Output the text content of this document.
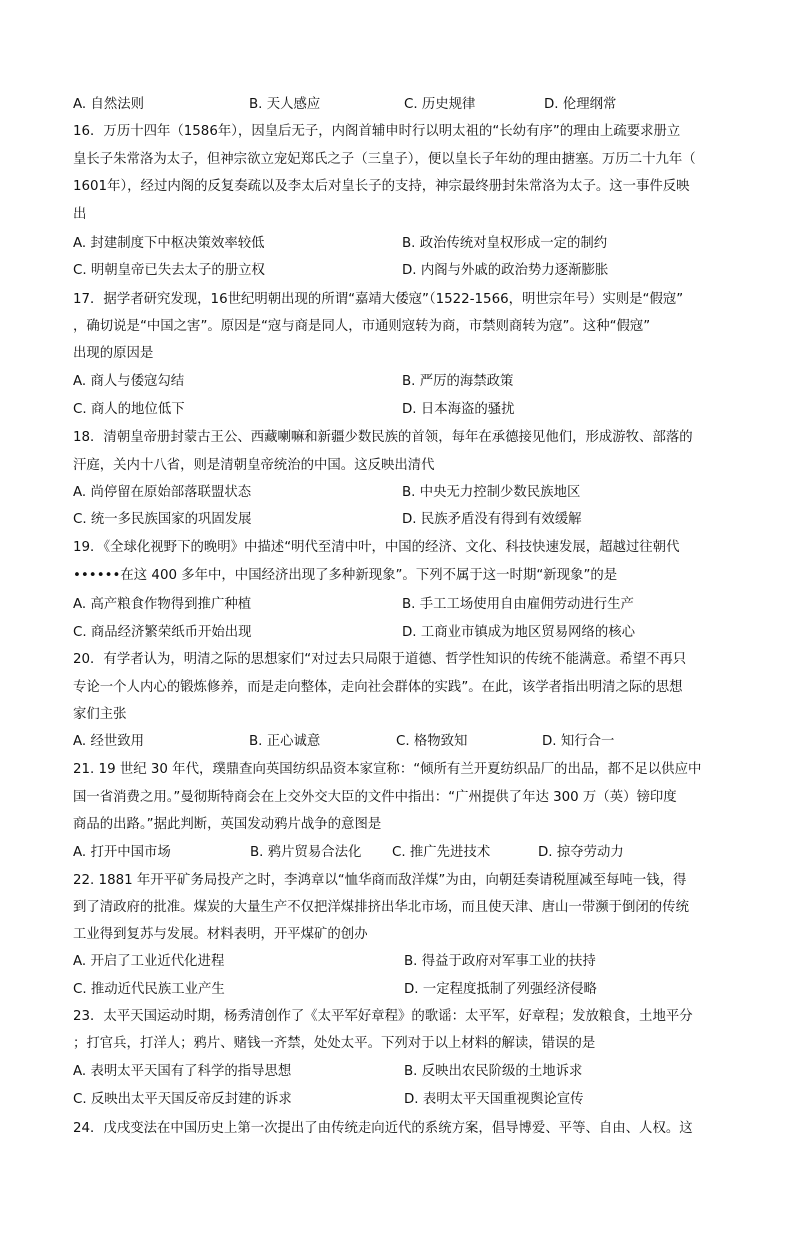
A. 自然法则	B. 天人感应	C. 历史规律	D. 伦理纲常
16．万历十四年（1586年），因皇后无子，内阁首辅申时行以明太祖的“长幼有序”的理由上疏要求册立
皇长子朱常洛为太子，但神宗欲立宠妃郑氏之子（三皇子），便以皇长子年幼的理由搪塞。万历二十九年（
1601年），经过内阁的反复奏疏以及李太后对皇长子的支持，神宗最终册封朱常洛为太子。这一事件反映
出
A. 封建制度下中枢决策效率较低	B. 政治传统对皇权形成一定的制约
C. 明朝皇帝已失去太子的册立权	D. 内阁与外戚的政治势力逐渐膨胀
17．据学者研究发现，16世纪明朝出现的所谓“嘉靖大倭寇”（1522-1566，明世宗年号）实则是“假寇”
，确切说是“中国之害”。原因是“寇与商是同人，市通则寇转为商，市禁则商转为寇”。这种“假寇”
出现的原因是
A. 商人与倭寇勾结	B. 严厉的海禁政策
C. 商人的地位低下	D. 日本海盗的骚扰
18．清朝皇帝册封蒙古王公、西藏喇嘛和新疆少数民族的首领，每年在承德接见他们，形成游牧、部落的
汗庭，关内十八省，则是清朝皇帝统治的中国。这反映出清代
A. 尚停留在原始部落联盟状态	B. 中央无力控制少数民族地区
C. 统一多民族国家的巩固发展	D. 民族矛盾没有得到有效缓解
19．《全球化视野下的晚明》中描述“明代至清中叶，中国的经济、文化、科技快速发展，超越过往朝代
••••••在这 400 多年中，中国经济出现了多种新现象”。下列不属于这一时期“新现象”的是
A. 高产粮食作物得到推广种植	B. 手工工场使用自由雇佣劳动进行生产
C. 商品经济繁荣纸币开始出现	D. 工商业市镇成为地区贸易网络的核心
20．有学者认为，明清之际的思想家们“对过去只局限于道德、哲学性知识的传统不能满意。希望不再只
专论一个人内心的锻炼修养，而是走向整体，走向社会群体的实践”。在此，该学者指出明清之际的思想
家们主张
A. 经世致用	B. 正心诚意	C. 格物致知	D. 知行合一
21. 19 世纪 30 年代，璞鼎查向英国纺织品资本家宣称：“倾所有兰开夏纺织品厂的出品，都不足以供应中
国一省消费之用。”曼彻斯特商会在上交外交大臣的文件中指出：“广州提供了年达 300 万（英）镑印度
商品的出路。”据此判断，英国发动鸦片战争的意图是
A. 打开中国市场	B. 鸦片贸易合法化 C. 推广先进技术	D. 掠夺劳动力
22. 1881 年开平矿务局投产之时，李鸿章以“恤华商而敌洋煤”为由，向朝廷奏请税厘减至每吨一钱，得
到了清政府的批准。煤炭的大量生产不仅把洋煤排挤出华北市场，而且使天津、唐山一带濒于倒闭的传统
工业得到复苏与发展。材料表明，开平煤矿的创办
A. 开启了工业近代化进程	B. 得益于政府对军事工业的扶持
C. 推动近代民族工业产生	D. 一定程度抵制了列强经济侵略
23．太平天国运动时期，杨秀清创作了《太平军好章程》的歌谣：太平军，好章程；发放粮食，土地平分
；打官兵，打洋人；鸦片、赌钱一齐禁，处处太平。下列对于以上材料的解读，错误的是
A. 表明太平天国有了科学的指导思想	B. 反映出农民阶级的土地诉求
C. 反映出太平天国反帝反封建的诉求	D. 表明太平天国重视舆论宣传
24．戊戌变法在中国历史上第一次提出了由传统走向近代的系统方案，倡导博爱、平等、自由、人权。这
